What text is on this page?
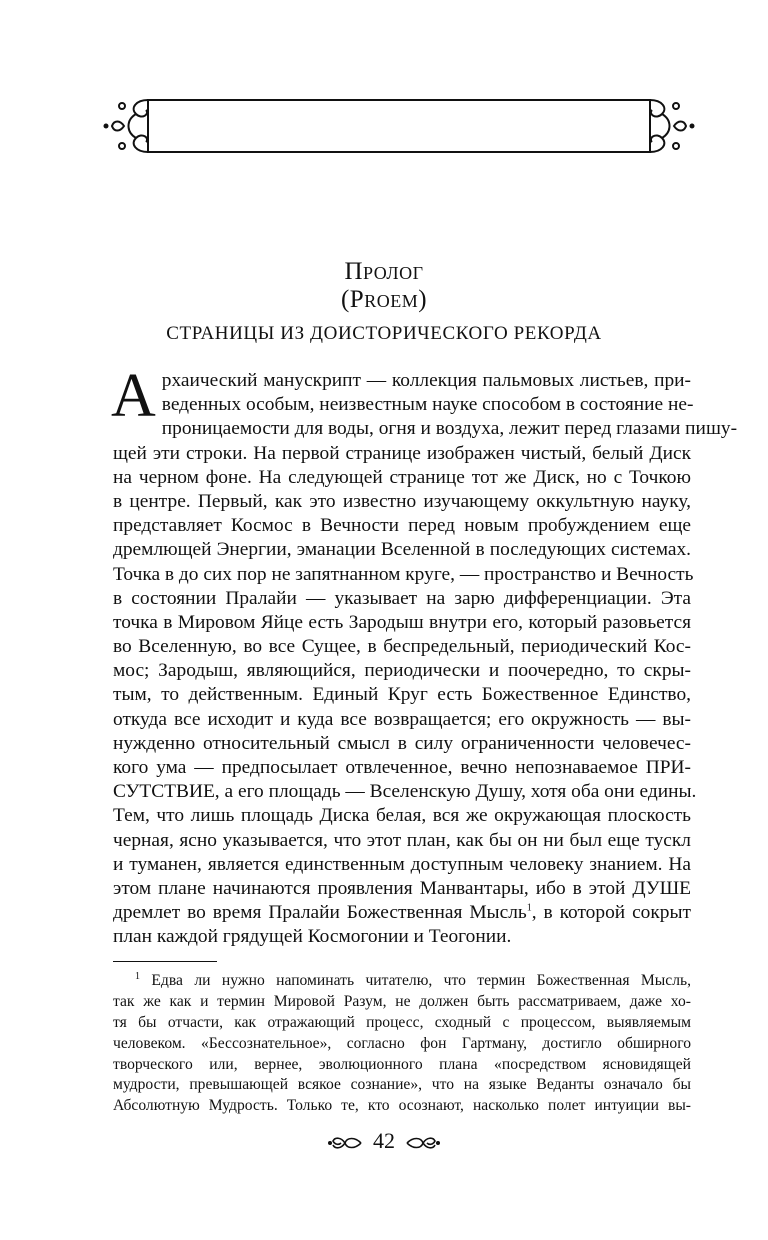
Пролог
(Proem)
СТРАНИЦЫ ИЗ ДОИСТОРИЧЕСКОГО РЕКОРДА
А рхаический манускрипт — коллекция пальмовых листьев, при-
веденных особым, неизвестным науке способом в состояние не-
проницаемости для воды, огня и воздуха, лежит перед глазами пишу-
щей эти строки. На первой странице изображен чистый, белый Диск
на черном фоне. На следующей странице тот же Диск, но с Точкою
в центре. Первый, как это известно изучающему оккультную науку,
представляет Космос в Вечности перед новым пробуждением еще
дремлющей Энергии, эманации Вселенной в последующих системах.
Точка в до сих пор не запятнанном круге, — пространство и Вечность
в состоянии Пралайи — указывает на зарю дифференциации. Эта
точка в Мировом Яйце есть Зародыш внутри его, который разовьется
во Вселенную, во все Сущее, в беспредельный, периодический Кос-
мос; Зародыш, являющийся, периодически и поочередно, то скры-
тым, то действенным. Единый Круг есть Божественное Единство,
откуда все исходит и куда все возвращается; его окружность — вы-
нужденно относительный смысл в силу ограниченности человечес-
кого ума — предпосылает отвлеченное, вечно непознаваемое ПРИ-
СУТСТВИЕ, а его площадь — Вселенскую Душу, хотя оба они едины.
Тем, что лишь площадь Диска белая, вся же окружающая плоскость
черная, ясно указывается, что этот план, как бы он ни был еще тускл
и туманен, является единственным доступным человеку знанием. На
этом плане начинаются проявления Манвантары, ибо в этой ДУШЕ
дремлет во время Пралайи Божественная Мысль$^1$, в которой сокрыт
план каждой грядущей Космогонии и Теогонии.
$^1$ Едва ли нужно напоминать читателю, что термин Божественная Мысль,
так же как и термин Мировой Разум, не должен быть рассматриваем, даже хо-
тя бы отчасти, как отражающий процесс, сходный с процессом, выявляемым
человеком. «Бессознательное», согласно фон Гартману, достигло обширного
творческого или, вернее, эволюционного плана «посредством ясновидящей
мудрости, превышающей всякое сознание», что на языке Веданты означало бы
Абсолютную Мудрость. Только те, кто осознают, насколько полет интуиции вы-
42
